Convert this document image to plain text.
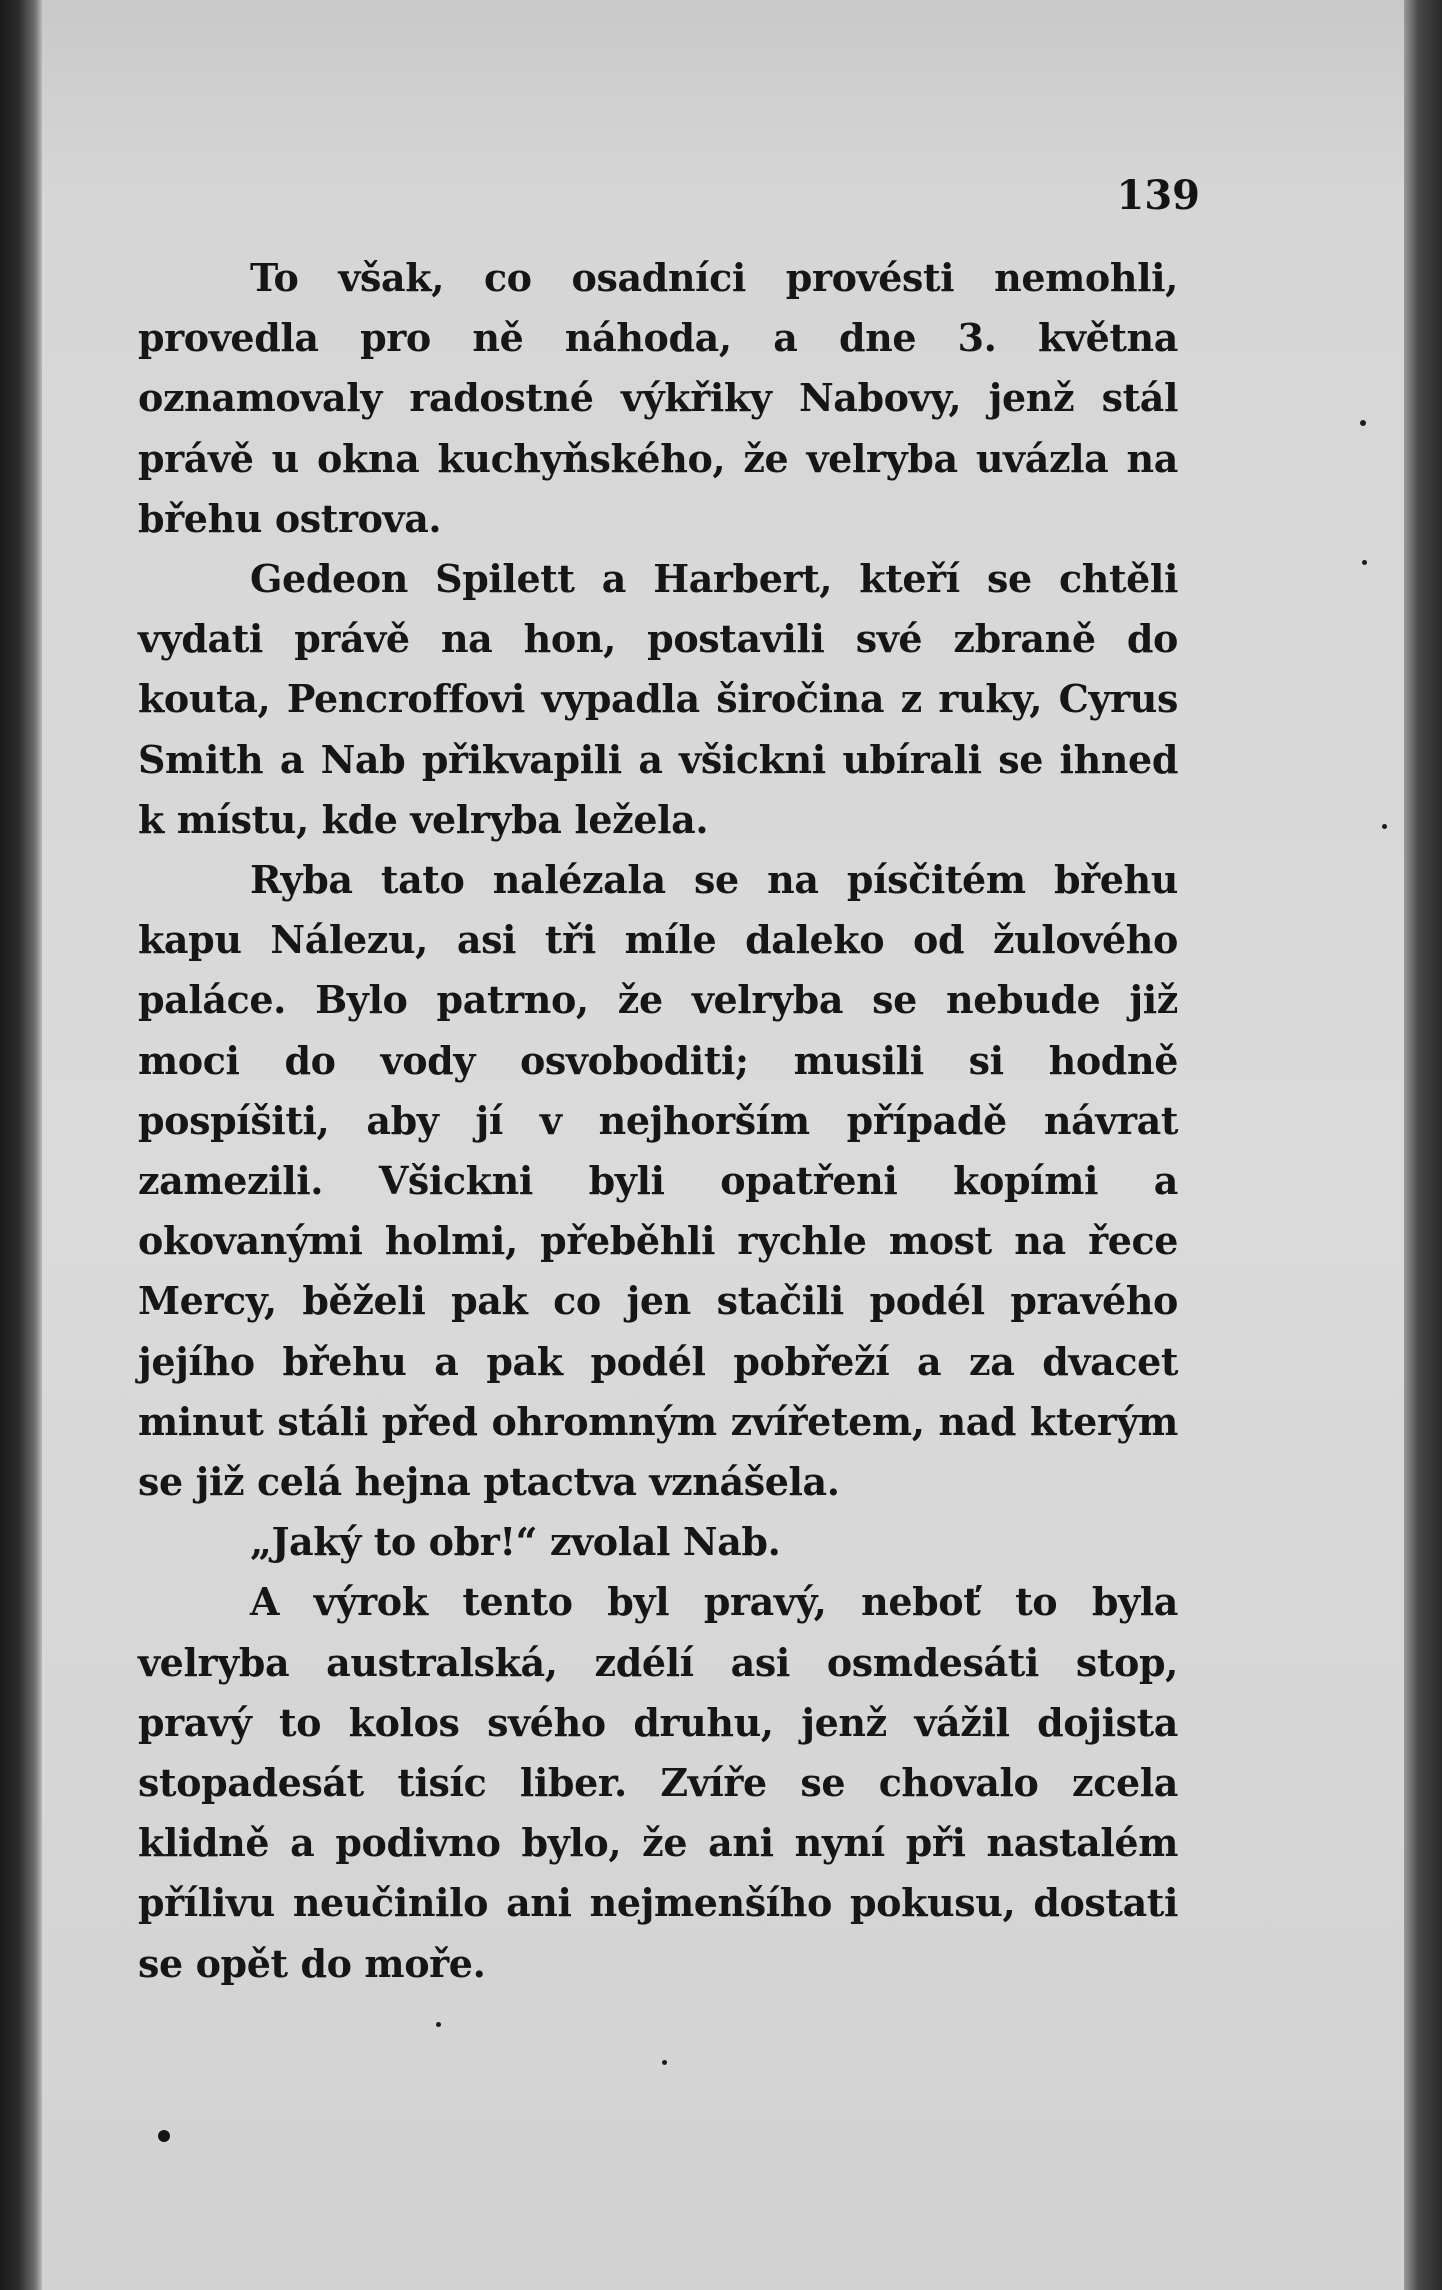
139

To však, co osadníci provésti nemohli, provedla pro ně náhoda, a dne 3. května oznamovaly radostné výkřiky Nabovy, jenž stál právě u okna kuchyňského, že velryba uvázla na břehu ostrova.

Gedeon Spilett a Harbert, kteří se chtěli vydati právě na hon, postavili své zbraně do kouta, Pencroffovi vypadla širočina z ruky, Cyrus Smith a Nab přikvapili a všickni ubírali se ihned k místu, kde velryba ležela.

Ryba tato nalézala se na písčitém břehu kapu Nálezu, asi tři míle daleko od žulového paláce. Bylo patrno, že velryba se nebude již moci do vody osvoboditi; musili si hodně pospíšiti, aby jí v nejhorším případě návrat zamezili. Všickni byli opatřeni kopími a okovanými holmi, přeběhli rychle most na řece Mercy, běželi pak co jen stačili podél pravého jejího břehu a pak podél pobřeží a za dvacet minut stáli před ohromným zvířetem, nad kterým se již celá hejna ptactva vznášela.

„Jaký to obr!“ zvolal Nab.

A výrok tento byl pravý, neboť to byla velryba australská, zdélí asi osmdesáti stop, pravý to kolos svého druhu, jenž vážil dojista stopadesát tisíc liber. Zvíře se chovalo zcela klidně a podivno bylo, že ani nyní při nastalém přílivu neučinilo ani nejmenšího pokusu, dostati se opět do moře.
